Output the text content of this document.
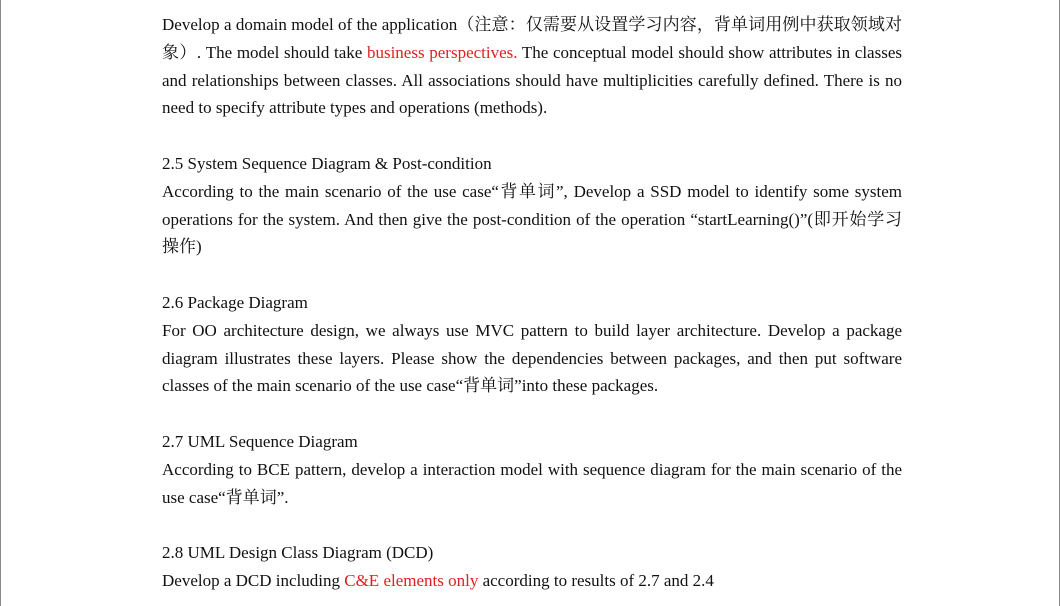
Develop a domain model of the application（注意：仅需要从设置学习内容，背单词用例中获取领域对象）. The model should take business perspectives. The conceptual model should show attributes in classes and relationships between classes. All associations should have multiplicities carefully defined. There is no need to specify attribute types and operations (methods).

2.5 System Sequence Diagram & Post-condition

According to the main scenario of the use case“背单词”, Develop a SSD model to identify some system operations for the system. And then give the post-condition of the operation “startLearning()”(即开始学习操作)

2.6 Package Diagram

For OO architecture design, we always use MVC pattern to build layer architecture. Develop a package diagram illustrates these layers. Please show the dependencies between packages, and then put software classes of the main scenario of the use case“背单词”into these packages.

2.7 UML Sequence Diagram

According to BCE pattern, develop a interaction model with sequence diagram for the main scenario of the use case“背单词”.

2.8 UML Design Class Diagram (DCD)

Develop a DCD including C&E elements only according to results of 2.7 and 2.4
